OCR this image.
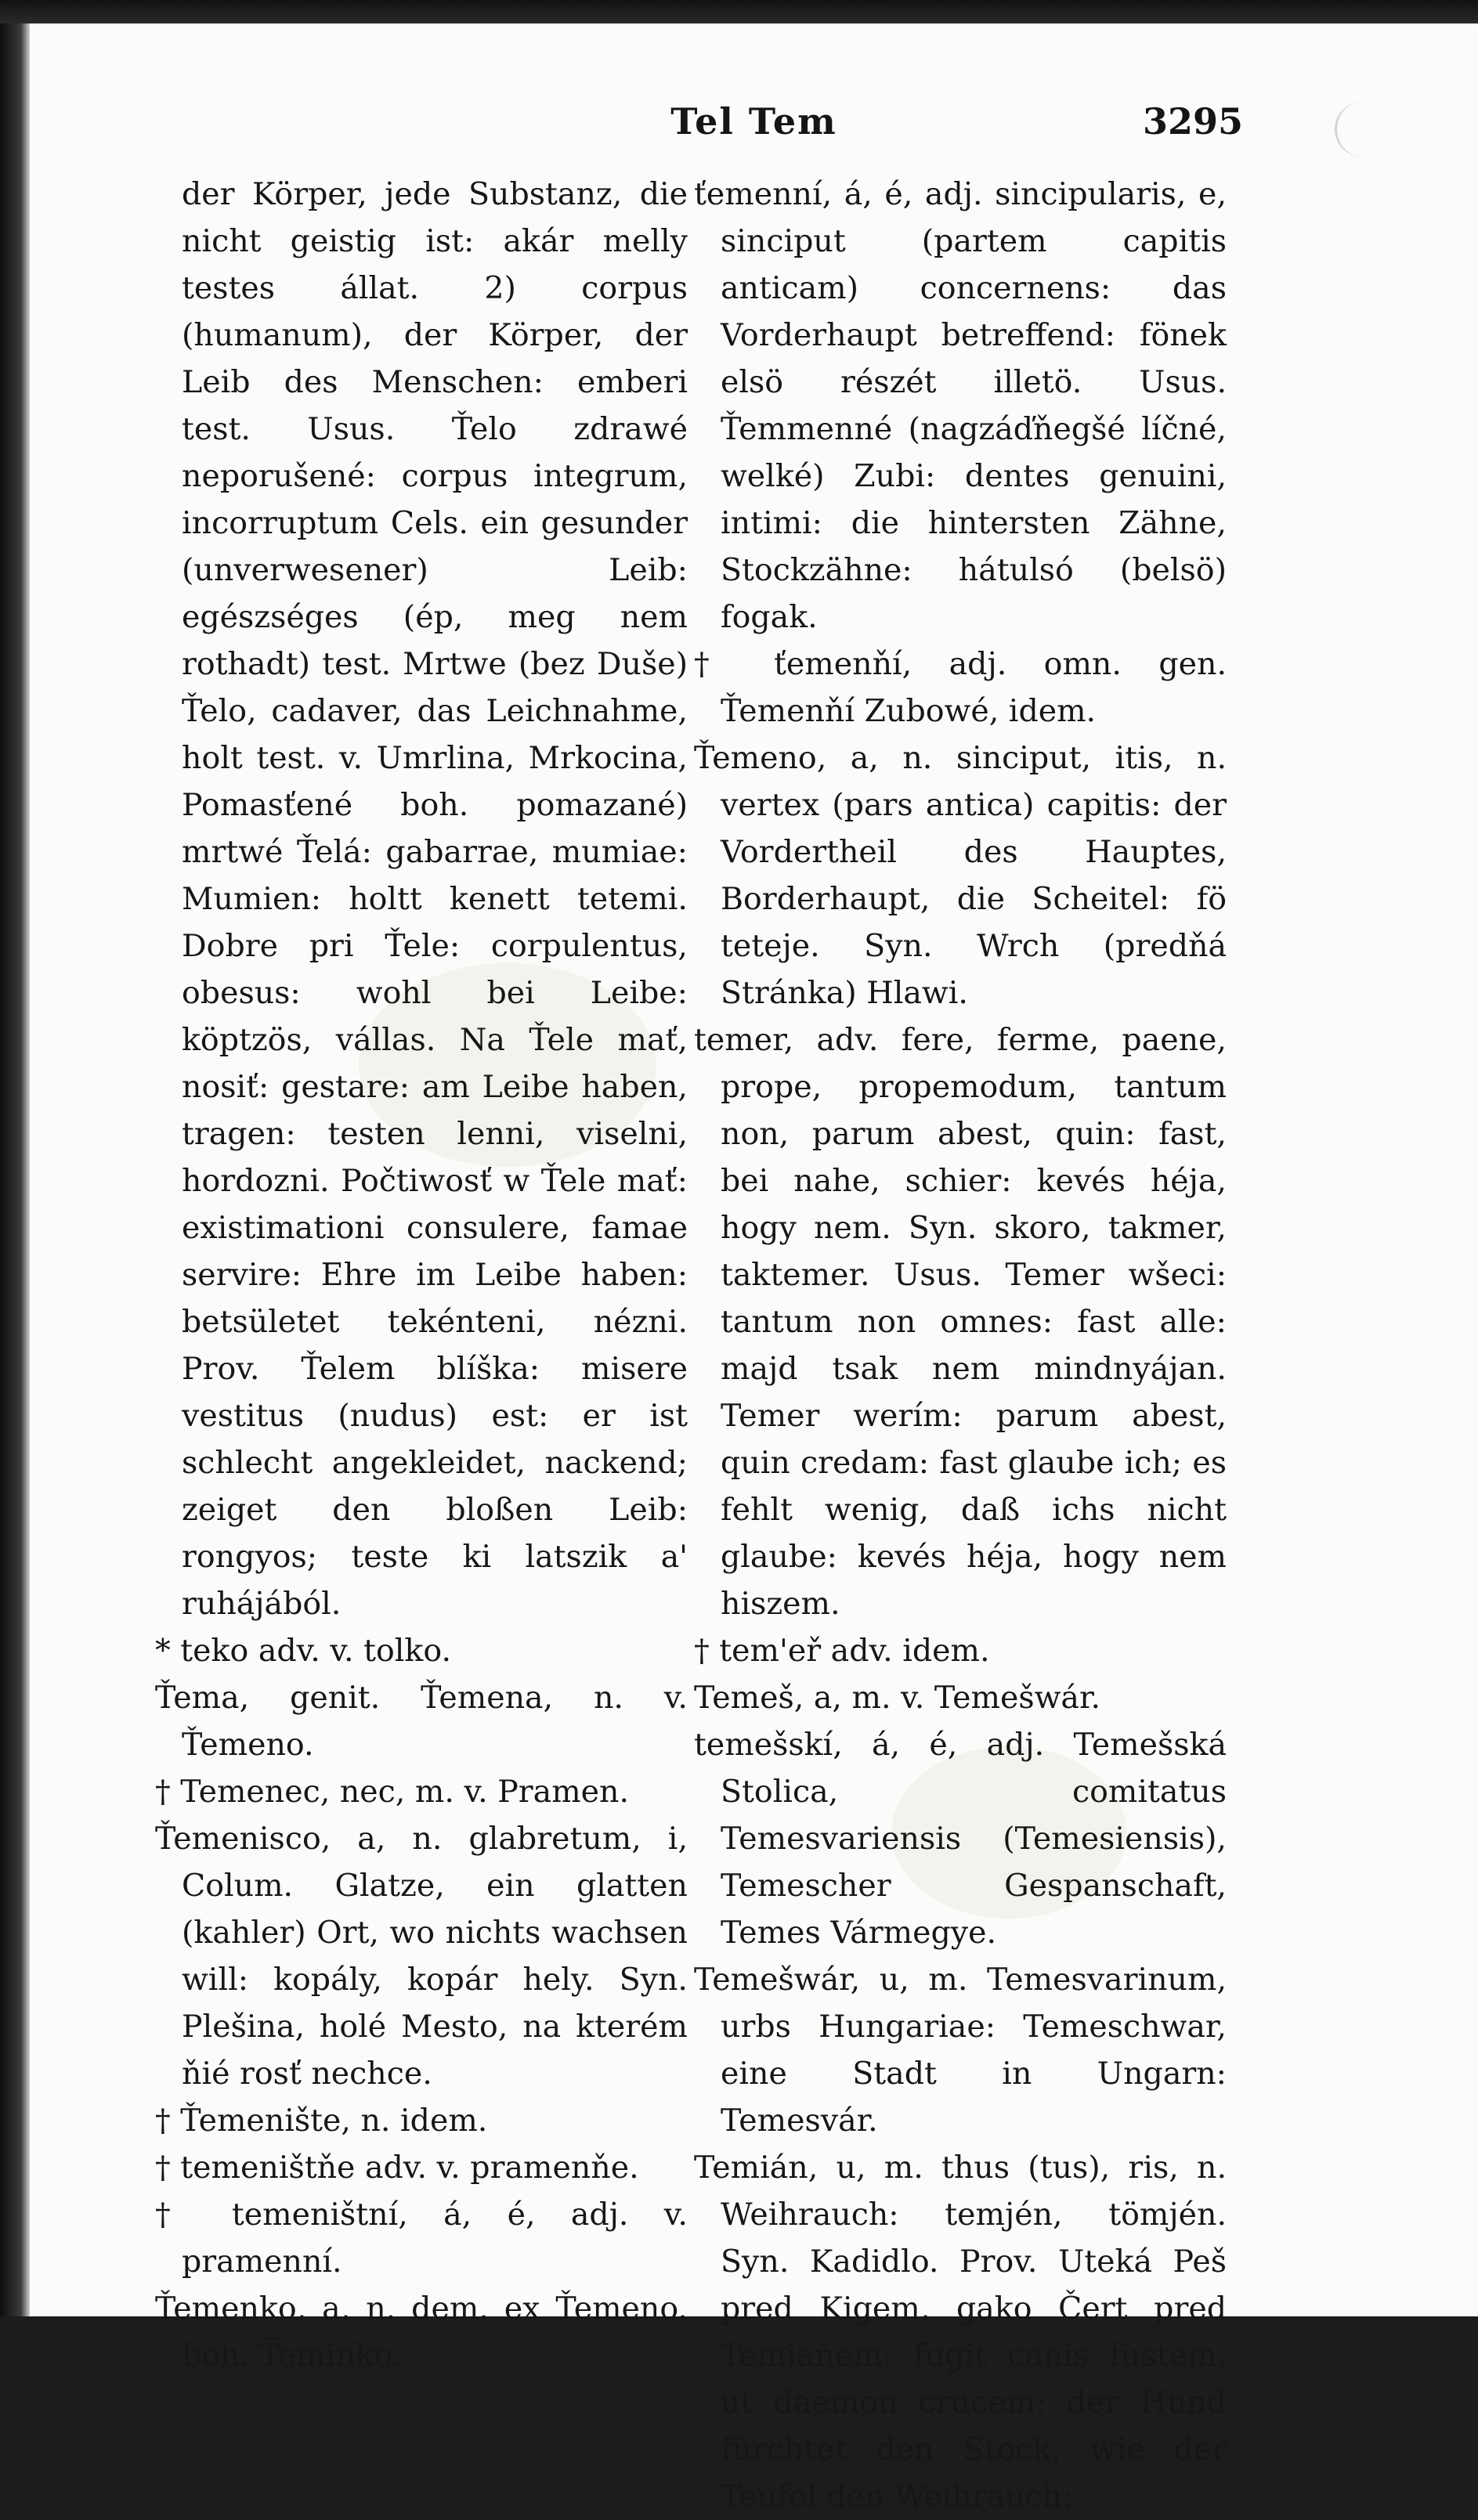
Tel Tem	3295

der Körper, jede Substanz, die nicht geistig ist: akár melly testes állat. 2) corpus (humanum), der Körper, der Leib des Menschen: emberi test. Usus. Ťelo zdrawé neporušené: corpus integrum, incorruptum Cels. ein gesunder (unverwesener) Leib: egészséges (ép, meg nem rothadt) test. Mrtwe (bez Duše) Ťelo, cadaver, das Leichnahme, holt test. v. Umrlina, Mrkocina, Pomasťené boh. pomazané) mrtwé Ťelá: gabarrae, mumiae: Mumien: holtt kenett tetemi. Dobre pri Ťele: corpulentus, obesus: wohl bei Leibe: köptzös, vállas. Na Ťele mať, nosiť: gestare: am Leibe haben, tragen: testen lenni, viselni, hordozni. Počtiwosť w Ťele mať: existimationi consulere, famae servire: Ehre im Leibe haben: betsületet tekénteni, nézni. Prov. Ťelem blíška: misere vestitus (nudus) est: er ist schlecht angekleidet, nackend; zeiget den bloßen Leib: rongyos; teste ki latszik a' ruhájából.

* teko adv. v. tolko.

Ťema, genit. Ťemena, n. v. Ťemeno.

† Temenec, nec, m. v. Pramen.

Ťemenisco, a, n. glabretum, i, Colum. Glatze, ein glatten (kahler) Ort, wo nichts wachsen will: kopály, kopár hely. Syn. Plešina, holé Mesto, na kterém ňié rosť nechce.

† Ťemenište, n. idem.

† temeništňe adv. v. pramenňe.

† temeništní, á, é, adj. v. pramenní.

Ťemenko, a, n. dem. ex Ťemeno. boh. Ťeminko.

ťemenní, á, é, adj. sincipularis, e, sinciput (partem capitis anticam) concernens: das Vorderhaupt betreffend: fönek elsö részét illetö. Usus. Ťemmenné (nagzáďňegšé líčné, welké) Zubi: dentes genuini, intimi: die hintersten Zähne, Stockzähne: hátulsó (belsö) fogak.

† ťemenňí, adj. omn. gen. Ťemenňí Zubowé, idem.

Ťemeno, a, n. sinciput, itis, n. vertex (pars antica) capitis: der Vordertheil des Hauptes, Borderhaupt, die Scheitel: fö teteje. Syn. Wrch (predňá Stránka) Hlawi.

temer, adv. fere, ferme, paene, prope, propemodum, tantum non, parum abest, quin: fast, bei nahe, schier: kevés héja, hogy nem. Syn. skoro, takmer, taktemer. Usus. Temer wšeci: tantum non omnes: fast alle: majd tsak nem mindnyájan. Temer werím: parum abest, quin credam: fast glaube ich; es fehlt wenig, daß ichs nicht glaube: kevés héja, hogy nem hiszem.

† tem'eř adv. idem.

Temeš, a, m. v. Temešwár.

temešskí, á, é, adj. Temešská Stolica, comitatus Temesvariensis (Temesiensis), Temescher Gespanschaft, Temes Vármegye.

Temešwár, u, m. Temesvarinum, urbs Hungariae: Temeschwar, eine Stadt in Ungarn: Temesvár.

Temián, u, m. thus (tus), ris, n. Weihrauch: temjén, tömjén. Syn. Kadidlo. Prov. Uteká Peš pred Kigem, gako Čert pred Temiáňem: fugit canis fustem, ut daemon crucem: der Hund fürchtet den Stock, wie der Teufel den Weihrauch:
